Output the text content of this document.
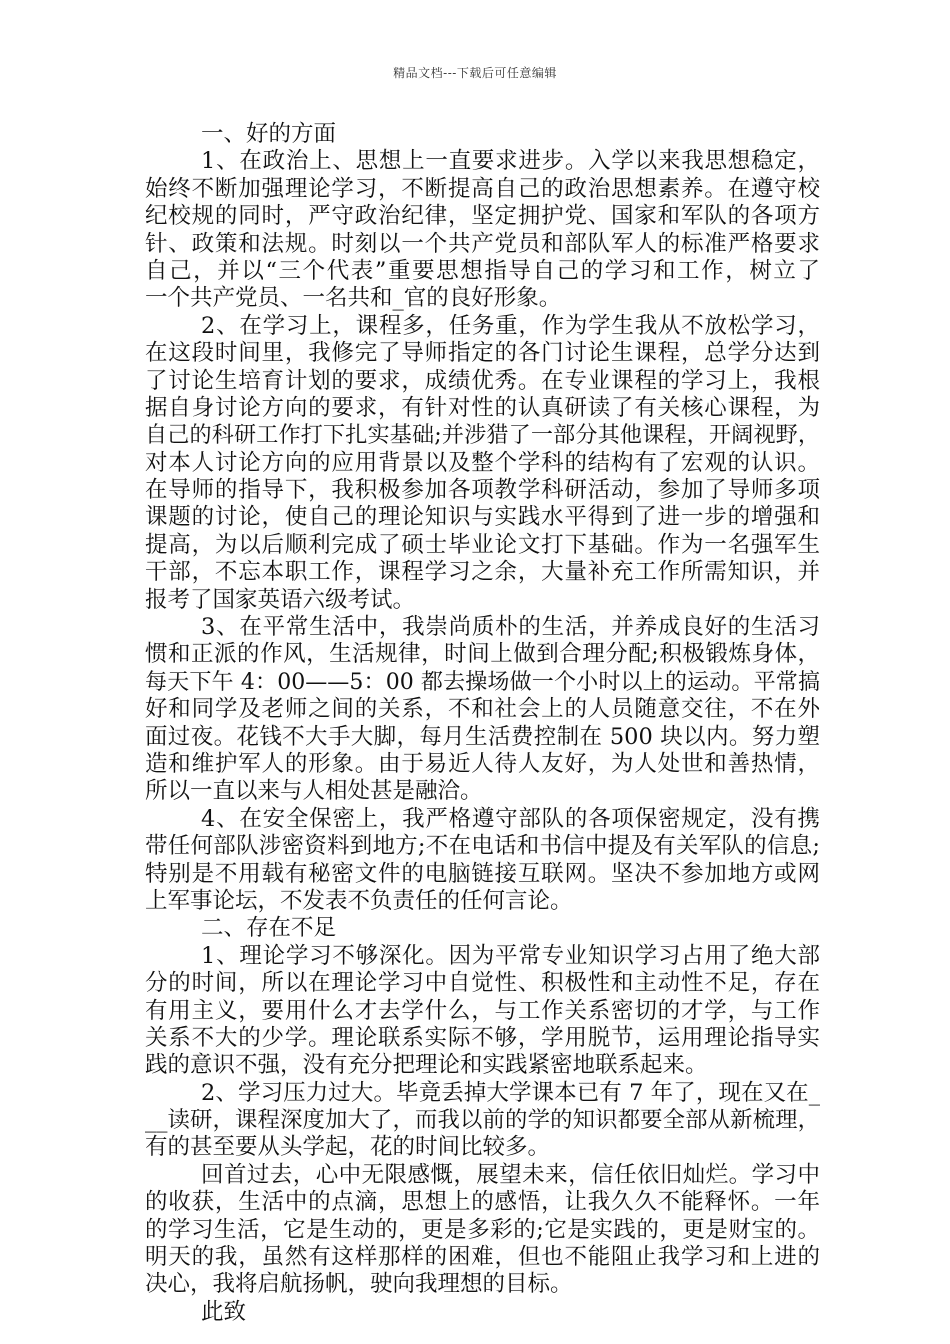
精品文档---下载后可任意编辑
一、好的方面
1、在政治上、思想上一直要求进步。入学以来我思想稳定，
始终不断加强理论学习，不断提高自己的政治思想素养。在遵守校
纪校规的同时，严守政治纪律，坚定拥护党、国家和军队的各项方
针、政策和法规。时刻以一个共产党员和部队军人的标准严格要求
自己，并以“三个代表”重要思想指导自己的学习和工作，树立了
一个共产党员、一名共和_官的良好形象。
2、在学习上，课程多，任务重，作为学生我从不放松学习，
在这段时间里，我修完了导师指定的各门讨论生课程，总学分达到
了讨论生培育计划的要求，成绩优秀。在专业课程的学习上，我根
据自身讨论方向的要求，有针对性的认真研读了有关核心课程，为
自己的科研工作打下扎实基础;并涉猎了一部分其他课程，开阔视野，
对本人讨论方向的应用背景以及整个学科的结构有了宏观的认识。
在导师的指导下，我积极参加各项教学科研活动，参加了导师多项
课题的讨论，使自己的理论知识与实践水平得到了进一步的增强和
提高，为以后顺利完成了硕士毕业论文打下基础。作为一名强军生
干部，不忘本职工作，课程学习之余，大量补充工作所需知识，并
报考了国家英语六级考试。
3、在平常生活中，我崇尚质朴的生活，并养成良好的生活习
惯和正派的作风，生活规律，时间上做到合理分配;积极锻炼身体，
每天下午 4：00——5：00 都去操场做一个小时以上的运动。平常搞
好和同学及老师之间的关系，不和社会上的人员随意交往，不在外
面过夜。花钱不大手大脚，每月生活费控制在 500 块以内。努力塑
造和维护军人的形象。由于易近人待人友好，为人处世和善热情，
所以一直以来与人相处甚是融洽。
4、在安全保密上，我严格遵守部队的各项保密规定，没有携
带任何部队涉密资料到地方;不在电话和书信中提及有关军队的信息;
特别是不用载有秘密文件的电脑链接互联网。坚决不参加地方或网
上军事论坛，不发表不负责任的任何言论。
二、存在不足
1、理论学习不够深化。因为平常专业知识学习占用了绝大部
分的时间，所以在理论学习中自觉性、积极性和主动性不足，存在
有用主义，要用什么才去学什么，与工作关系密切的才学，与工作
关系不大的少学。理论联系实际不够，学用脱节，运用理论指导实
践的意识不强，没有充分把理论和实践紧密地联系起来。
2、学习压力过大。毕竟丢掉大学课本已有 7 年了，现在又在_
__读研，课程深度加大了，而我以前的学的知识都要全部从新梳理，
有的甚至要从头学起，花的时间比较多。
回首过去，心中无限感慨，展望未来，信任依旧灿烂。学习中
的收获，生活中的点滴，思想上的感悟，让我久久不能释怀。一年
的学习生活，它是生动的，更是多彩的;它是实践的，更是财宝的。
明天的我，虽然有这样那样的困难，但也不能阻止我学习和上进的
决心，我将启航扬帆，驶向我理想的目标。
此致
